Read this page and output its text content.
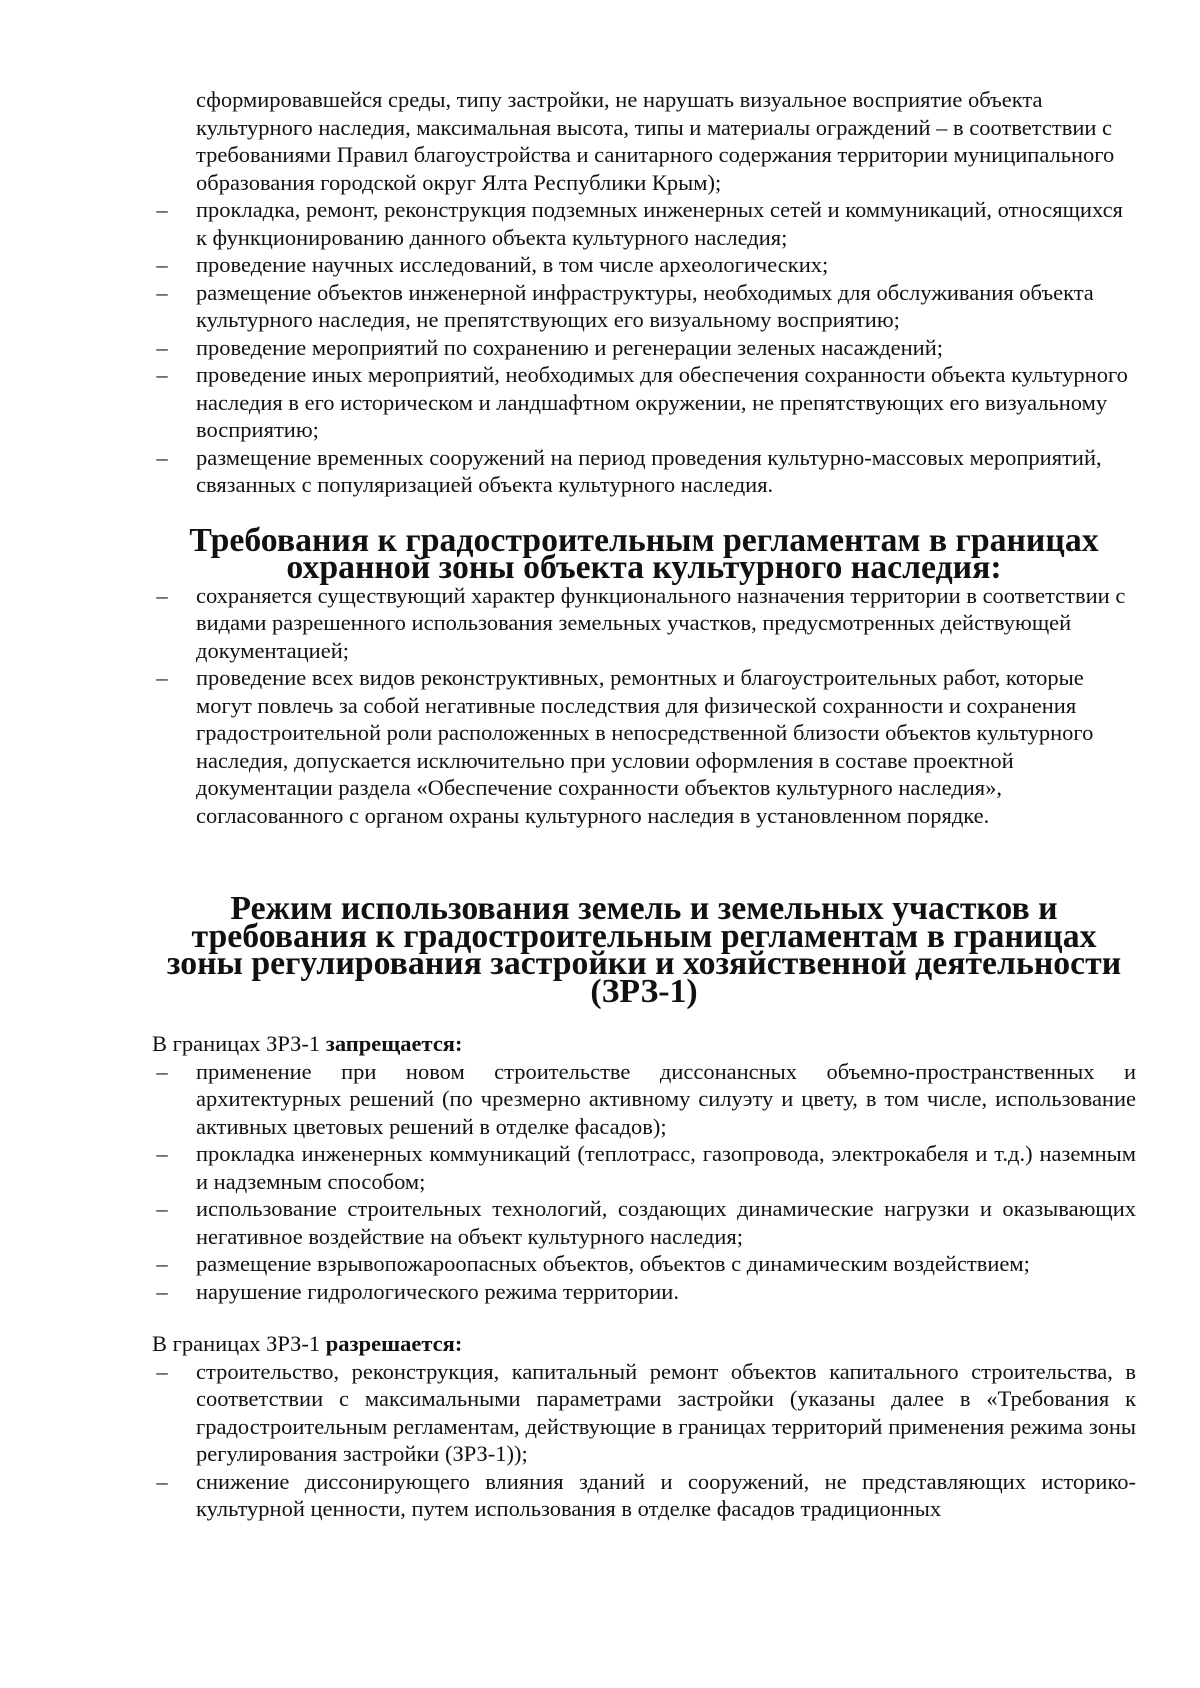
сформировавшейся среды, типу застройки, не нарушать визуальное восприятие объекта культурного наследия, максимальная высота, типы и материалы ограждений – в соответствии с требованиями Правил благоустройства и санитарного содержания территории муниципального образования городской округ Ялта Республики Крым);

– прокладка, ремонт, реконструкция подземных инженерных сетей и коммуникаций, относящихся к функционированию данного объекта культурного наследия;
– проведение научных исследований, в том числе археологических;
– размещение объектов инженерной инфраструктуры, необходимых для обслуживания объекта культурного наследия, не препятствующих его визуальному восприятию;
– проведение мероприятий по сохранению и регенерации зеленых насаждений;
– проведение иных мероприятий, необходимых для обеспечения сохранности объекта культурного наследия в его историческом и ландшафтном окружении, не препятствующих его визуальному восприятию;
– размещение временных сооружений на период проведения культурно-массовых мероприятий, связанных с популяризацией объекта культурного наследия.
Требования к градостроительным регламентам в границах охранной зоны объекта культурного наследия:
– сохраняется существующий характер функционального назначения территории в соответствии с видами разрешенного использования земельных участков, предусмотренных действующей документацией;
– проведение всех видов реконструктивных, ремонтных и благоустроительных работ, которые могут повлечь за собой негативные последствия для физической сохранности и сохранения градостроительной роли расположенных в непосредственной близости объектов культурного наследия, допускается исключительно при условии оформления в составе проектной документации раздела «Обеспечение сохранности объектов культурного наследия», согласованного с органом охраны культурного наследия в установленном порядке.
Режим использования земель и земельных участков и требования к градостроительным регламентам в границах зоны регулирования застройки и хозяйственной деятельности (ЗРЗ-1)

В границах ЗРЗ-1 запрещается:

– применение при новом строительстве диссонансных объемно-пространственных и архитектурных решений (по чрезмерно активному силуэту и цвету, в том числе, использование активных цветовых решений в отделке фасадов);
– прокладка инженерных коммуникаций (теплотрасс, газопровода, электрокабеля и т.д.) наземным и надземным способом;
– использование строительных технологий, создающих динамические нагрузки и оказывающих негативное воздействие на объект культурного наследия;
– размещение взрывопожароопасных объектов, объектов с динамическим воздействием;
– нарушение гидрологического режима территории.

В границах ЗРЗ-1 разрешается:

– строительство, реконструкция, капитальный ремонт объектов капитального строительства, в соответствии с максимальными параметрами застройки (указаны далее в «Требования к градостроительным регламентам, действующие в границах территорий применения режима зоны регулирования застройки (ЗРЗ-1));
– снижение диссонирующего влияния зданий и сооружений, не представляющих историко-культурной ценности, путем использования в отделке фасадов традиционных
